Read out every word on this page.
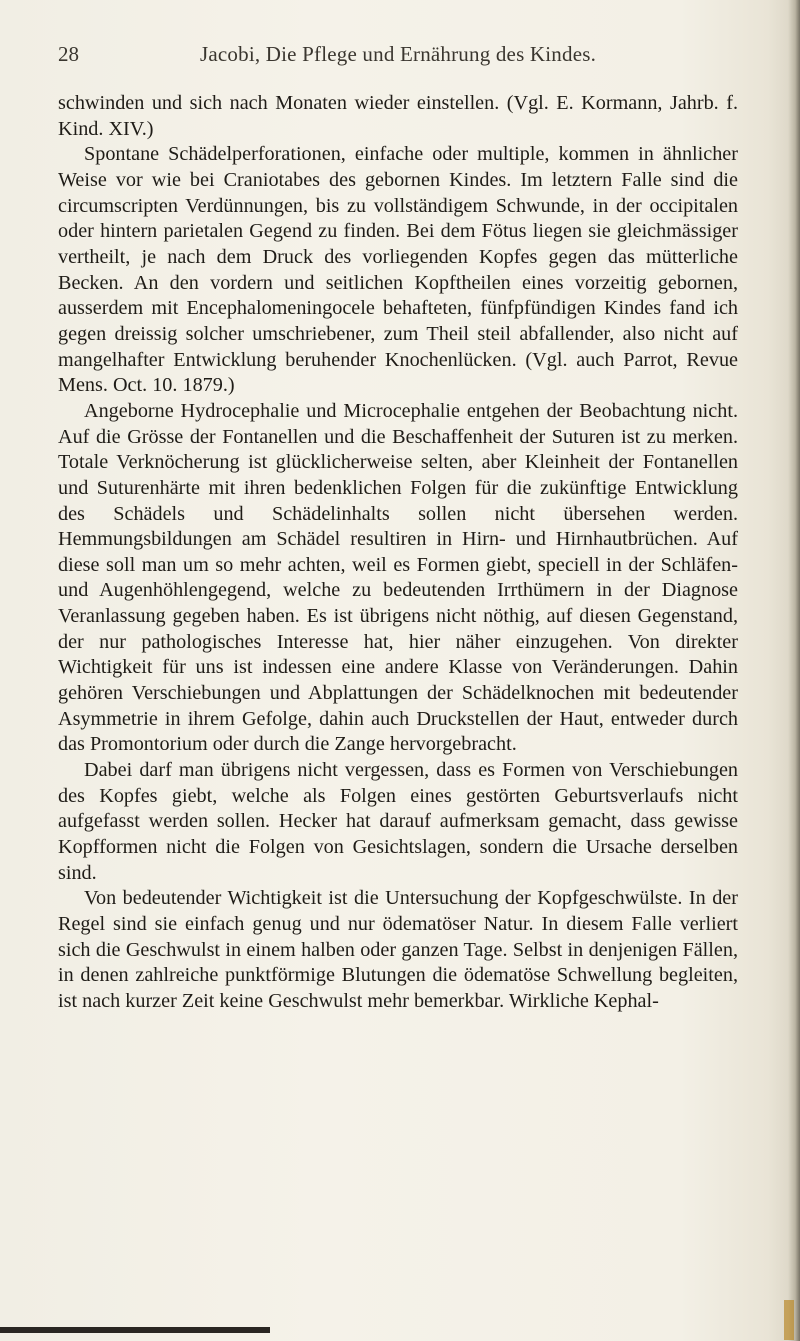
28	Jacobi, Die Pflege und Ernährung des Kindes.

schwinden und sich nach Monaten wieder einstellen. (Vgl. E. Kormann, Jahrb. f. Kind. XIV.)

Spontane Schädelperforationen, einfache oder multiple, kommen in ähnlicher Weise vor wie bei Craniotabes des gebornen Kindes. Im letztern Falle sind die circumscripten Verdünnungen, bis zu vollständigem Schwunde, in der occipitalen oder hintern parietalen Gegend zu finden. Bei dem Fötus liegen sie gleichmässiger vertheilt, je nach dem Druck des vorliegenden Kopfes gegen das mütterliche Becken. An den vordern und seitlichen Kopftheilen eines vorzeitig gebornen, ausserdem mit Encephalomeningocele behafteten, fünfpfündigen Kindes fand ich gegen dreissig solcher umschriebener, zum Theil steil abfallender, also nicht auf mangelhafter Entwicklung beruhender Knochenlücken. (Vgl. auch Parrot, Revue Mens. Oct. 10. 1879.)

Angeborne Hydrocephalie und Microcephalie entgehen der Beobachtung nicht. Auf die Grösse der Fontanellen und die Beschaffenheit der Suturen ist zu merken. Totale Verknöcherung ist glücklicherweise selten, aber Kleinheit der Fontanellen und Suturenhärte mit ihren bedenklichen Folgen für die zukünftige Entwicklung des Schädels und Schädelinhalts sollen nicht übersehen werden. Hemmungsbildungen am Schädel resultiren in Hirn- und Hirnhautbrüchen. Auf diese soll man um so mehr achten, weil es Formen giebt, speciell in der Schläfen- und Augenhöhlengegend, welche zu bedeutenden Irrthümern in der Diagnose Veranlassung gegeben haben. Es ist übrigens nicht nöthig, auf diesen Gegenstand, der nur pathologisches Interesse hat, hier näher einzugehen. Von direkter Wichtigkeit für uns ist indessen eine andere Klasse von Veränderungen. Dahin gehören Verschiebungen und Abplattungen der Schädelknochen mit bedeutender Asymmetrie in ihrem Gefolge, dahin auch Druckstellen der Haut, entweder durch das Promontorium oder durch die Zange hervorgebracht.

Dabei darf man übrigens nicht vergessen, dass es Formen von Verschiebungen des Kopfes giebt, welche als Folgen eines gestörten Geburtsverlaufs nicht aufgefasst werden sollen. Hecker hat darauf aufmerksam gemacht, dass gewisse Kopfformen nicht die Folgen von Gesichtslagen, sondern die Ursache derselben sind.

Von bedeutender Wichtigkeit ist die Untersuchung der Kopfgeschwülste. In der Regel sind sie einfach genug und nur ödematöser Natur. In diesem Falle verliert sich die Geschwulst in einem halben oder ganzen Tage. Selbst in denjenigen Fällen, in denen zahlreiche punktförmige Blutungen die ödematöse Schwellung begleiten, ist nach kurzer Zeit keine Geschwulst mehr bemerkbar. Wirkliche Kephal-
